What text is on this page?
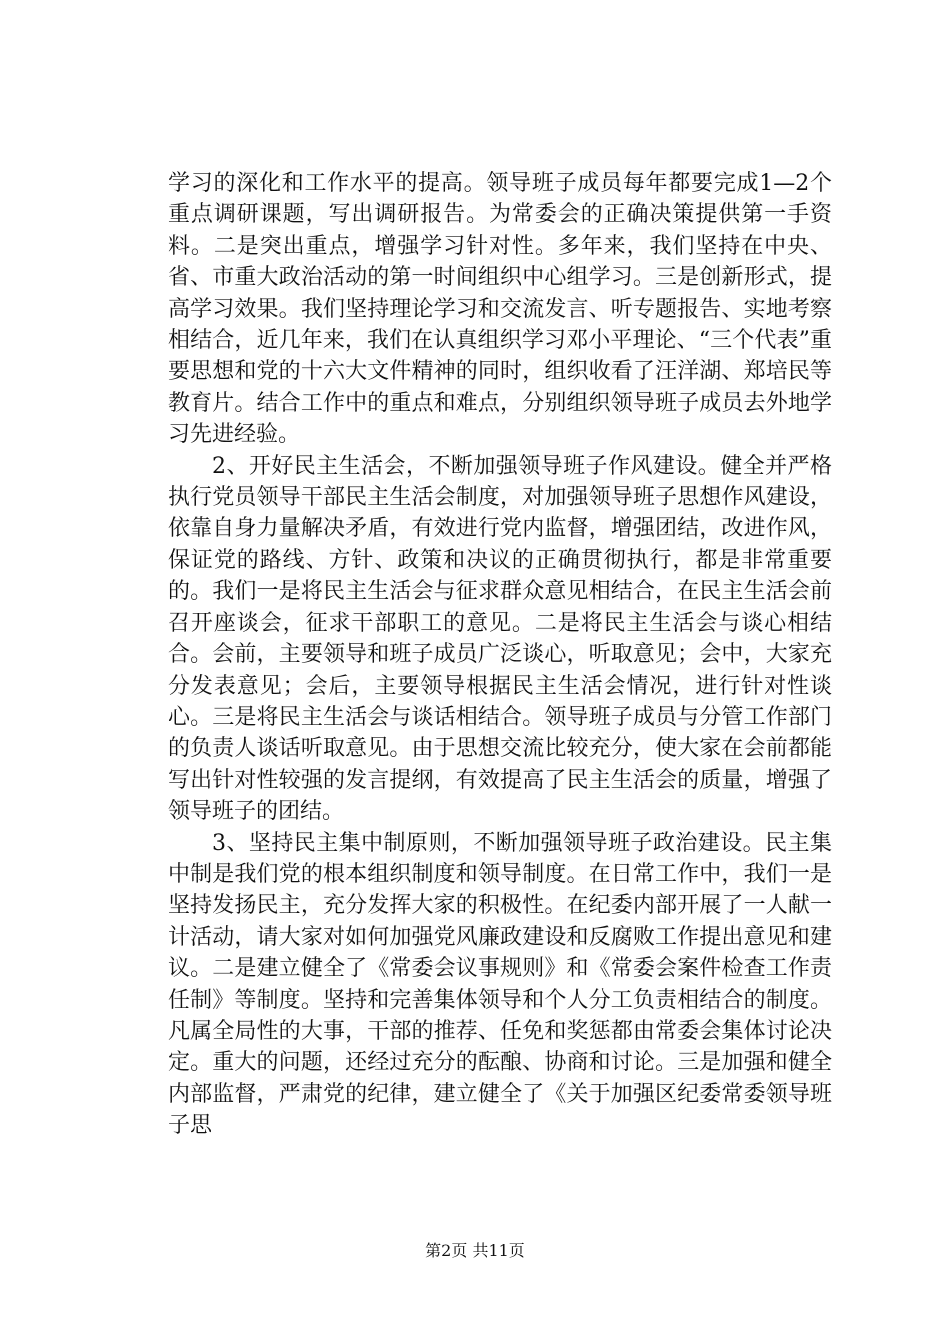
学习的深化和工作水平的提高。领导班子成员每年都要完成1—2个重点调研课题，写出调研报告。为常委会的正确决策提供第一手资料。二是突出重点，增强学习针对性。多年来，我们坚持在中央、省、市重大政治活动的第一时间组织中心组学习。三是创新形式，提高学习效果。我们坚持理论学习和交流发言、听专题报告、实地考察相结合，近几年来，我们在认真组织学习邓小平理论、“三个代表”重要思想和党的十六大文件精神的同时，组织收看了汪洋湖、郑培民等教育片。结合工作中的重点和难点，分别组织领导班子成员去外地学习先进经验。

2、开好民主生活会，不断加强领导班子作风建设。健全并严格执行党员领导干部民主生活会制度，对加强领导班子思想作风建设，依靠自身力量解决矛盾，有效进行党内监督，增强团结，改进作风，保证党的路线、方针、政策和决议的正确贯彻执行，都是非常重要的。我们一是将民主生活会与征求群众意见相结合，在民主生活会前召开座谈会，征求干部职工的意见。二是将民主生活会与谈心相结合。会前，主要领导和班子成员广泛谈心，听取意见；会中，大家充分发表意见；会后，主要领导根据民主生活会情况，进行针对性谈心。三是将民主生活会与谈话相结合。领导班子成员与分管工作部门的负责人谈话听取意见。由于思想交流比较充分，使大家在会前都能写出针对性较强的发言提纲，有效提高了民主生活会的质量，增强了领导班子的团结。

3、坚持民主集中制原则，不断加强领导班子政治建设。民主集中制是我们党的根本组织制度和领导制度。在日常工作中，我们一是坚持发扬民主，充分发挥大家的积极性。在纪委内部开展了一人献一计活动，请大家对如何加强党风廉政建设和反腐败工作提出意见和建议。二是建立健全了《常委会议事规则》和《常委会案件检查工作责任制》等制度。坚持和完善集体领导和个人分工负责相结合的制度。凡属全局性的大事，干部的推荐、任免和奖惩都由常委会集体讨论决定。重大的问题，还经过充分的酝酿、协商和讨论。三是加强和健全内部监督，严肃党的纪律，建立健全了《关于加强区纪委常委领导班子思

第2页 共11页
